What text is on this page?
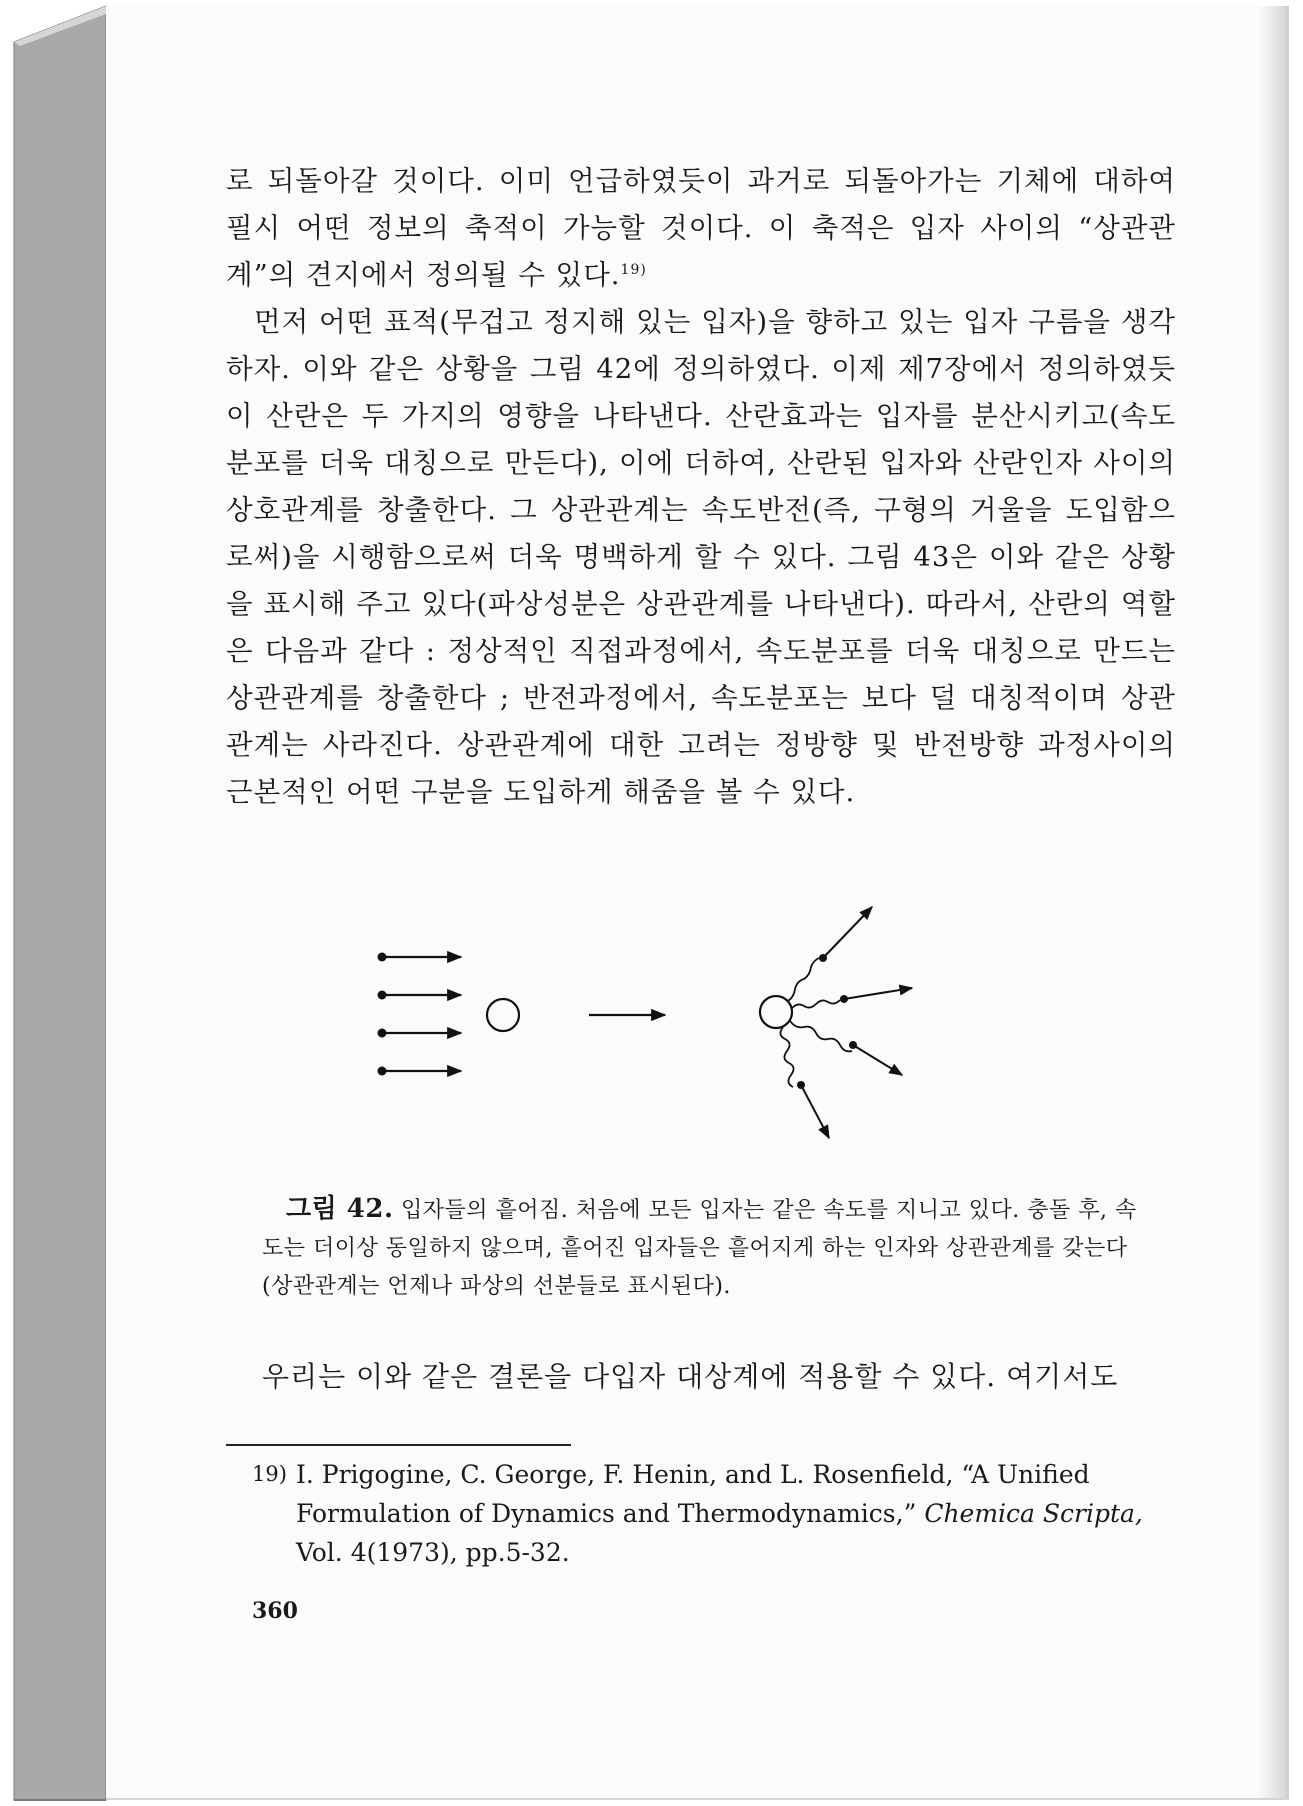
로 되돌아갈 것이다. 이미 언급하였듯이 과거로 되돌아가는 기체에 대하여 필시 어떤 정보의 축적이 가능할 것이다. 이 축적은 입자 사이의 “상관관계”의 견지에서 정의될 수 있다.$^{19)}$

먼저 어떤 표적(무겁고 정지해 있는 입자)을 향하고 있는 입자 구름을 생각하자. 이와 같은 상황을 그림 42에 정의하였다. 이제 제7장에서 정의하였듯이 산란은 두 가지의 영향을 나타낸다. 산란효과는 입자를 분산시키고(속도분포를 더욱 대칭으로 만든다), 이에 더하여, 산란된 입자와 산란인자 사이의 상호관계를 창출한다. 그 상관관계는 속도반전(즉, 구형의 거울을 도입함으로써)을 시행함으로써 더욱 명백하게 할 수 있다. 그림 43은 이와 같은 상황을 표시해 주고 있다(파상성분은 상관관계를 나타낸다). 따라서, 산란의 역할은 다음과 같다 : 정상적인 직접과정에서, 속도분포를 더욱 대칭으로 만드는 상관관계를 창출한다 ; 반전과정에서, 속도분포는 보다 덜 대칭적이며 상관관계는 사라진다. 상관관계에 대한 고려는 정방향 및 반전방향 과정사이의 근본적인 어떤 구분을 도입하게 해줌을 볼 수 있다.

그림 42. 입자들의 흩어짐. 처음에 모든 입자는 같은 속도를 지니고 있다. 충돌 후, 속도는 더이상 동일하지 않으며, 흩어진 입자들은 흩어지게 하는 인자와 상관관계를 갖는다(상관관계는 언제나 파상의 선분들로 표시된다).

우리는 이와 같은 결론을 다입자 대상계에 적용할 수 있다. 여기서도

19) I. Prigogine, C. George, F. Henin, and L. Rosenfield, “A Unified Formulation of Dynamics and Thermodynamics,” Chemica Scripta, Vol. 4(1973), pp.5-32.

360
